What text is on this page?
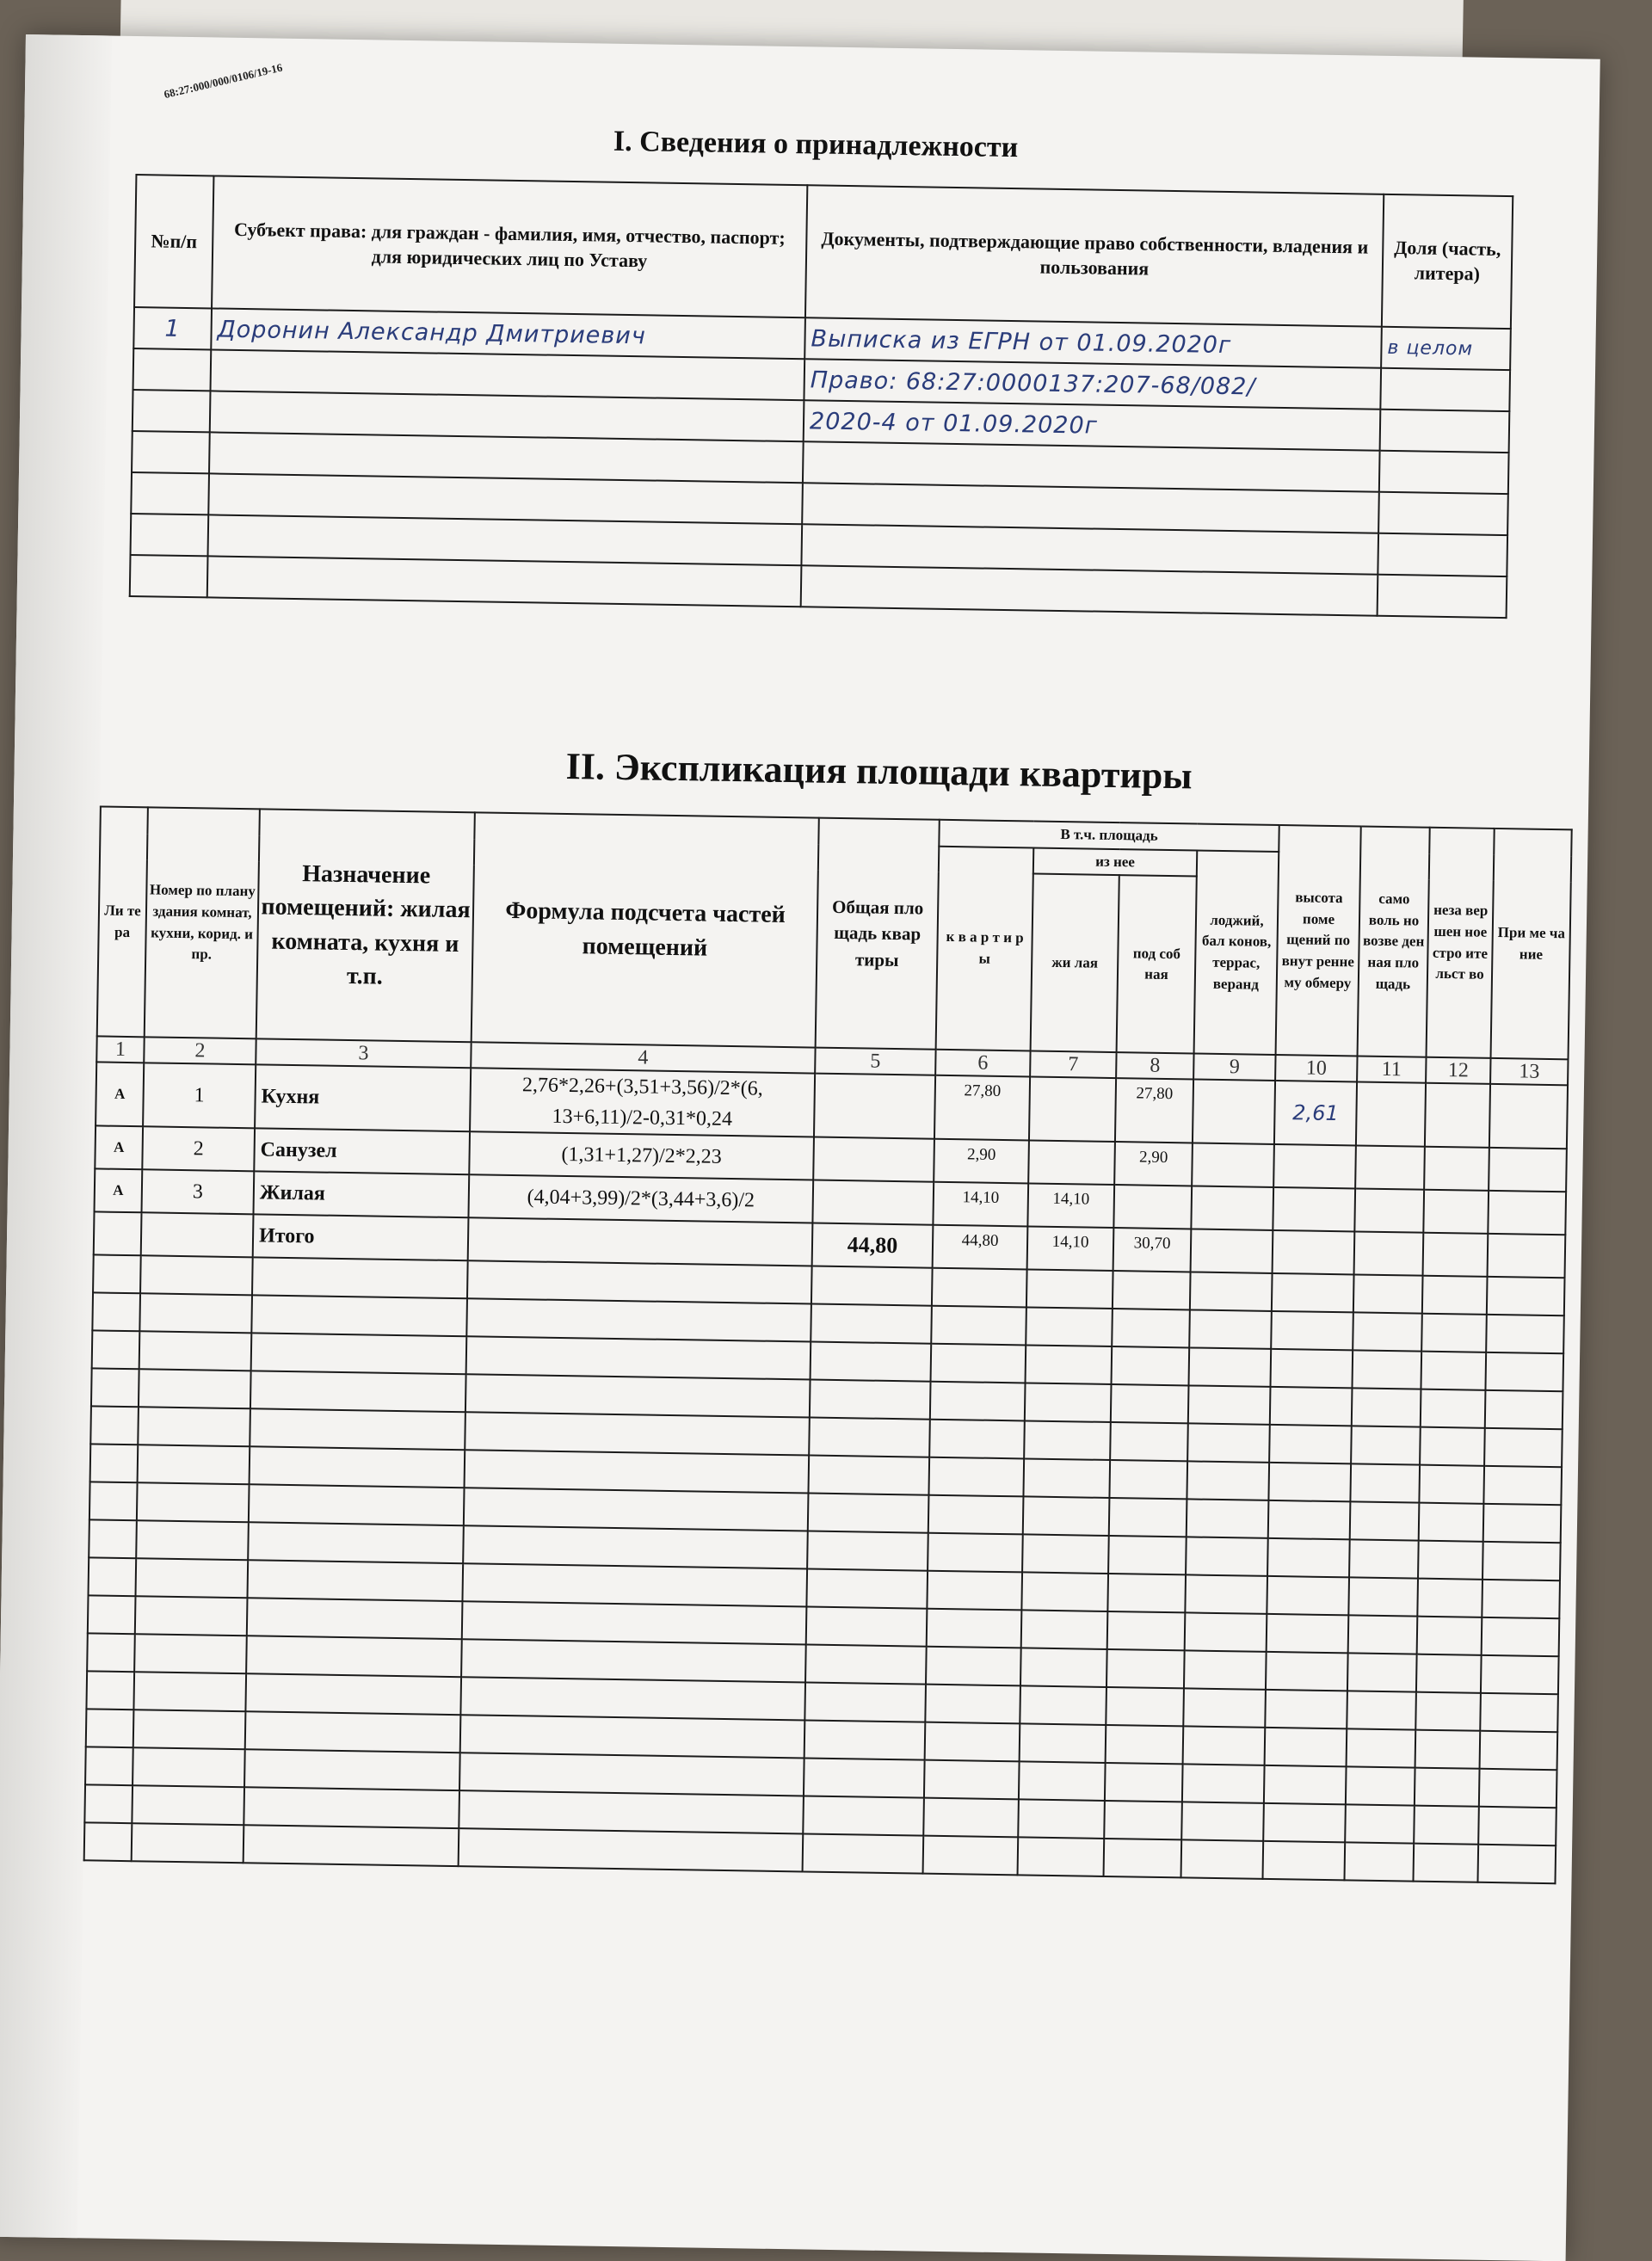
68:27:000/000/0106/19-16
I. Сведения о принадлежности
№п/п	Субъект права: для граждан - фамилия, имя, отчество, паспорт; для юридических лиц по Уставу	Документы, подтверждающие право собственности, владения и пользования	Доля (часть, литера)
1	Доронин Александр Дмитриевич	Выписка из ЕГРН от 01.09.2020г	в целом
		Право: 68:27:0000137:207-68/082/	
		2020-4 от 01.09.2020г	

II. Экспликация площади квартиры
Ли те ра	Номер по плану здания комнат, кухни, корид. и пр.	Назначение помещений: жилая комната, кухня и т.п.	Формула подсчета частей помещений	Общая пло щадь квар тиры	В т.ч. площадь				высота поме щений по внут ренне му обмеру	само воль но возве ден ная пло щадь	неза вер шен ное стро ите льст во	При ме ча ние
					к в а р т и р ы	из нее		лоджий, бал конов, террас, веранд				
						жи лая	под соб ная					
1	2	3	4	5	6	7	8	9	10	11	12	13
А	1	Кухня	2,76*2,26+(3,51+3,56)/2*(6, 13+6,11)/2-0,31*0,24		27,80		27,80		2,61			
А	2	Санузел	(1,31+1,27)/2*2,23		2,90		2,90					
А	3	Жилая	(4,04+3,99)/2*(3,44+3,6)/2		14,10	14,10						
		Итого		44,80	44,80	14,10	30,70					
